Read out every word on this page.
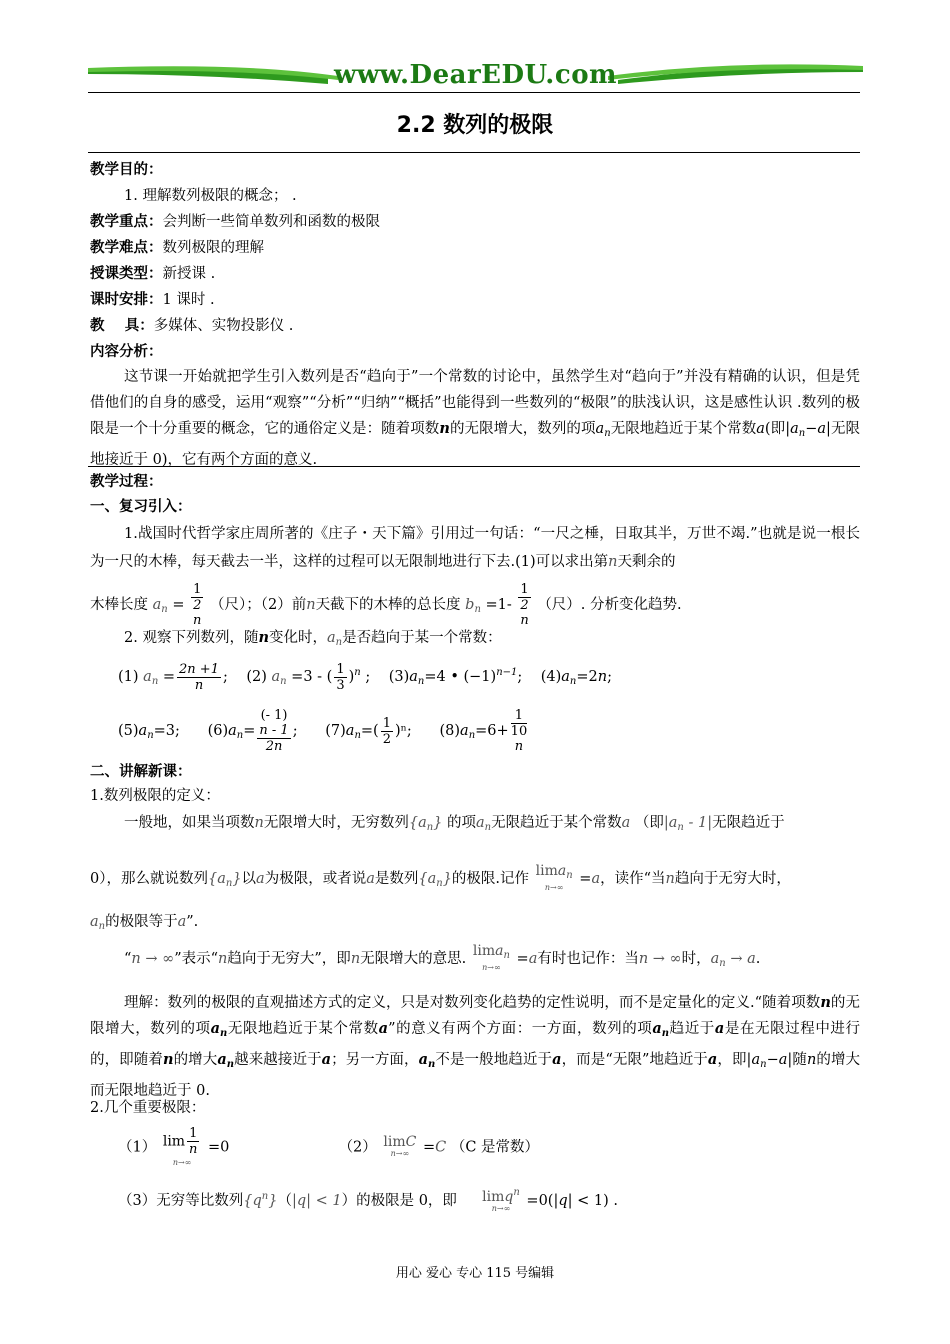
www.DearEDU.com
2.2 数列的极限
教学目的：
1. 理解数列极限的概念； .
教学重点：会判断一些简单数列和函数的极限
教学难点：数列极限的理解
授课类型：新授课 .
课时安排：1 课时 .
教    具：多媒体、实物投影仪 .
内容分析：
这节课一开始就把学生引入数列是否“趋向于”一个常数的讨论中，虽然学生对“趋向于”并没有精确的认识，但是凭借他们的自身的感受，运用“观察”“分析”“归纳”“概括”也能得到一些数列的“极限”的肤浅认识，这是感性认识 .数列的极限是一个十分重要的概念，它的通俗定义是：随着项数n的无限增大，数列的项$a_n$无限地趋近于某个常数a(即$|a_n-a|$无限地接近于 0)，它有两个方面的意义.
教学过程：
一、复习引入：
1.战国时代哲学家庄周所著的《庄子・天下篇》引用过一句话：“一尺之棰，日取其半，万世不竭.”也就是说一根长为一尺的木棒，每天截去一半，这样的过程可以无限制地进行下去.(1)可以求出第n天剩余的
木棒长度 $a_n = 1$
2
n （尺）；（2）前n天截下的木棒的总长度 $b_n =1-$ 1
2
n （尺）. 分析变化趋势.
2. 观察下列数列，随n变化时，$a_n$是否趋向于某一个常数：
(1) $a_n = \frac{2n +1}{n}$ ;    (2) $a_n =3$ - ( $\frac{1}{3} )^n$ ;    $(3)a_n=4$ • $(-1)^{n-1}$;    $(4)a_n=2n$;
$(5)a_n=3$; $(6)a_n=$ (- 1)
n - 1
2n ;      $(7)a_n=( \frac{1}{2} )^n$; $(8)a_n=6+ 1$
10
n
二、讲解新课：
1.数列极限的定义：
一般地，如果当项数n无限增大时，无穷数列$\{a_n\}$ 的项$a_n$无限趋近于某个常数a （即$|a_n - 1|$无限趋近于
0），那么就说数列$\{a_n\}$以a为极限，或者说a是数列$\{a_n\}$的极限.记作
lima$_n$
n→∞ =a，读作“当n趋向于无穷大时，
$a_n$的极限等于a”.
“n → ∞”表示“n趋向于无穷大”，即n无限增大的意思.
lima$_n$
n→∞ =a有时也记作：当n → ∞时，$a_n \to a$.
理解：数列的极限的直观描述方式的定义，只是对数列变化趋势的定性说明，而不是定量化的定义.“随着项数n的无限增大，数列的项$a_n$无限地趋近于某个常数a”的意义有两个方面：一方面，数列的项$a_n$趋近于a是在无限过程中进行的，即随着n的增大$a_n$越来越接近于a；另一方面，$a_n$不是一般地趋近于a，而是“无限”地趋近于a，即$|a_n-a|$随n的增大而无限地趋近于 0.
2.几个重要极限：
（1） $\lim \frac{1}{n}$
n→∞
=0	（2） limC
n→∞ =C （C 是常数）
（3）无穷等比数列$\{q^n\}(|q| < 1)$的极限是 0，即 limq$^n$
n→∞ =0(|q| < 1) .
用心 爱心 专心 115 号编辑
